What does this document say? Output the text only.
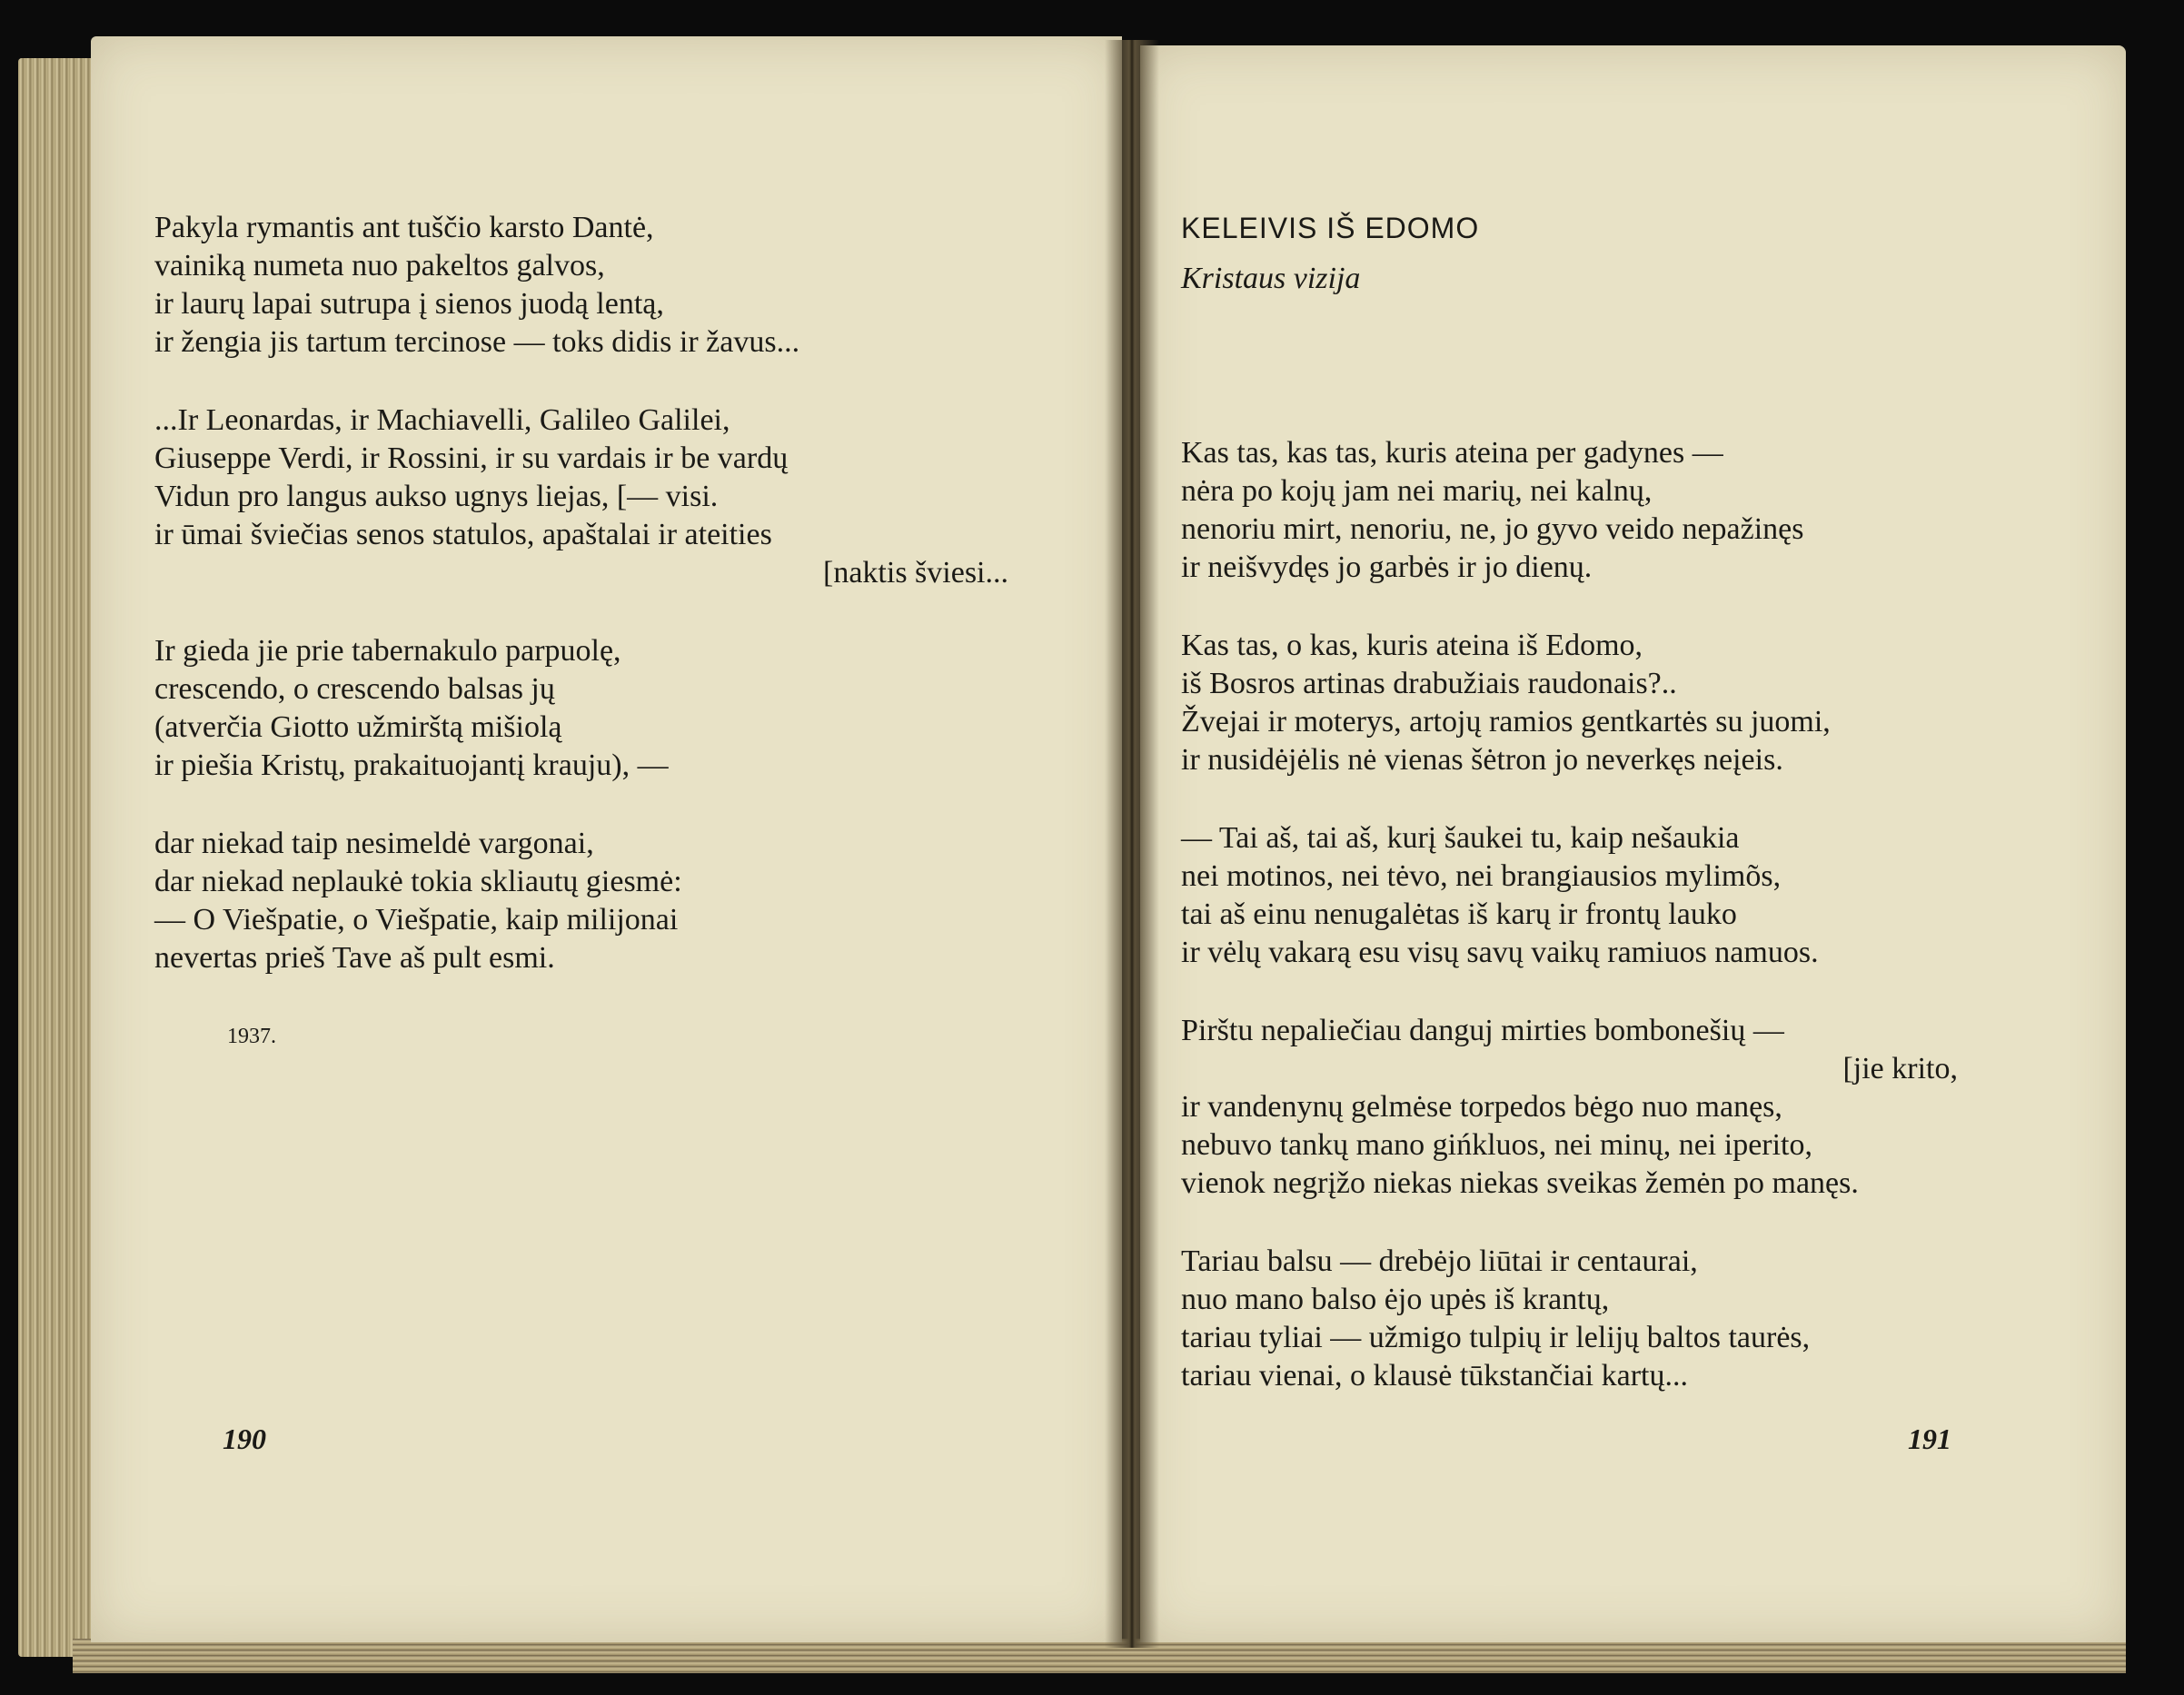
Pakyla rymantis ant tuščio karsto Dantė,
vainiką numeta nuo pakeltos galvos,
ir laurų lapai sutrupa į sienos juodą lentą,
ir žengia jis tartum tercinose — toks didis ir žavus...
...Ir Leonardas, ir Machiavelli, Galileo Galilei,
Giuseppe Verdi, ir Rossini, ir su vardais ir be vardų
Vidun pro langus aukso ugnys liejas, [— visi.
ir ūmai šviečias senos statulos, apaštalai ir ateities
[naktis šviesi...
Ir gieda jie prie tabernakulo parpuolę,
crescendo, o crescendo balsas jų
(atverčia Giotto užmirštą mišiolą
ir piešia Kristų, prakaituojantį krauju), —
dar niekad taip nesimeldė vargonai,
dar niekad neplaukė tokia skliautų giesmė:
— O Viešpatie, o Viešpatie, kaip milijonai
nevertas prieš Tave aš pult esmi.
1937.
190
KELEIVIS IŠ EDOMO
Kristaus vizija
Kas tas, kas tas, kuris ateina per gadynes —
nėra po kojų jam nei marių, nei kalnų,
nenoriu mirt, nenoriu, ne, jo gyvo veido nepažinęs
ir neišvydęs jo garbės ir jo dienų.
Kas tas, o kas, kuris ateina iš Edomo,
iš Bosros artinas drabužiais raudonais?..
Žvejai ir moterys, artojų ramios gentkartės su juomi,
ir nusidėjėlis nė vienas šėtron jo neverkęs neįeis.
— Tai aš, tai aš, kurį šaukei tu, kaip nešaukia
nei motinos, nei tėvo, nei brangiausios mylimõs,
tai aš einu nenugalėtas iš karų ir frontų lauko
ir vėlų vakarą esu visų savų vaikų ramiuos namuos.
Pirštu nepaliečiau danguj mirties bombonešių —
[jie krito,
ir vandenynų gelmėse torpedos bėgo nuo manęs,
nebuvo tankų mano gińkluos, nei minų, nei iperito,
vienok negrįžo niekas niekas sveikas žemėn po manęs.
Tariau balsu — drebėjo liūtai ir centaurai,
nuo mano balso ėjo upės iš krantų,
tariau tyliai — užmigo tulpių ir lelijų baltos taurės,
tariau vienai, o klausė tūkstančiai kartų...
191
